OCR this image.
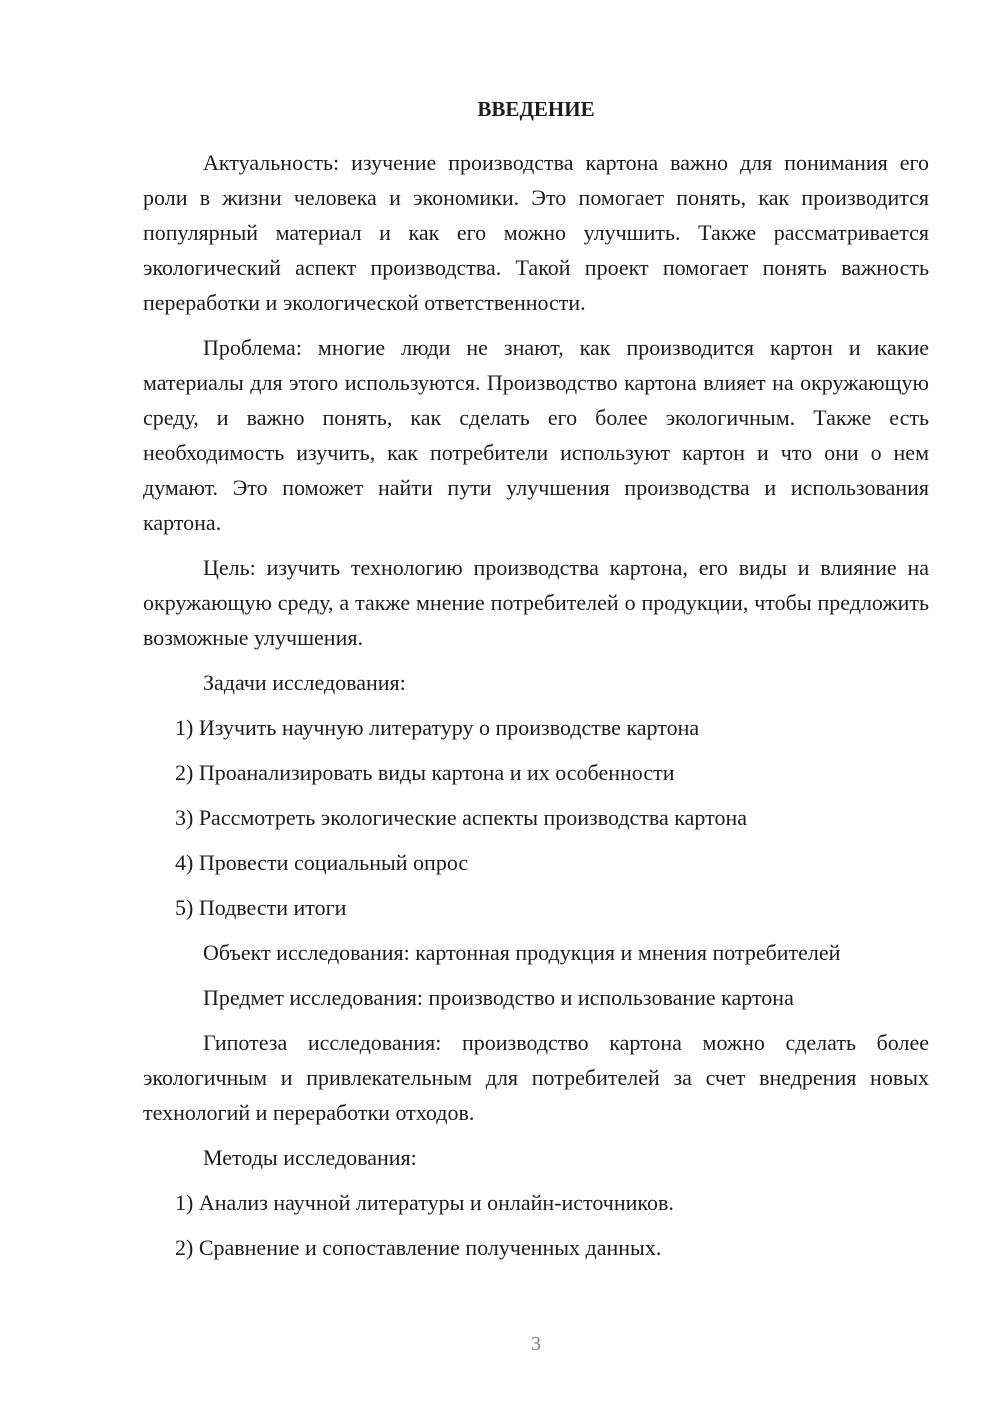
ВВЕДЕНИЕ

Актуальность: изучение производства картона важно для понимания его роли в жизни человека и экономики. Это помогает понять, как производится популярный материал и как его можно улучшить. Также рассматривается экологический аспект производства. Такой проект помогает понять важность переработки и экологической ответственности.

Проблема: многие люди не знают, как производится картон и какие материалы для этого используются. Производство картона влияет на окружающую среду, и важно понять, как сделать его более экологичным. Также есть необходимость изучить, как потребители используют картон и что они о нем думают. Это поможет найти пути улучшения производства и использования картона.

Цель: изучить технологию производства картона, его виды и влияние на окружающую среду, а также мнение потребителей о продукции, чтобы предложить возможные улучшения.

Задачи исследования:

1) Изучить научную литературу о производстве картона

2) Проанализировать виды картона и их особенности

3) Рассмотреть экологические аспекты производства картона

4) Провести социальный опрос

5) Подвести итоги

Объект исследования: картонная продукция и мнения потребителей

Предмет исследования: производство и использование картона

Гипотеза исследования: производство картона можно сделать более экологичным и привлекательным для потребителей за счет внедрения новых технологий и переработки отходов.

Методы исследования:

1) Анализ научной литературы и онлайн-источников.

2) Сравнение и сопоставление полученных данных.

3
